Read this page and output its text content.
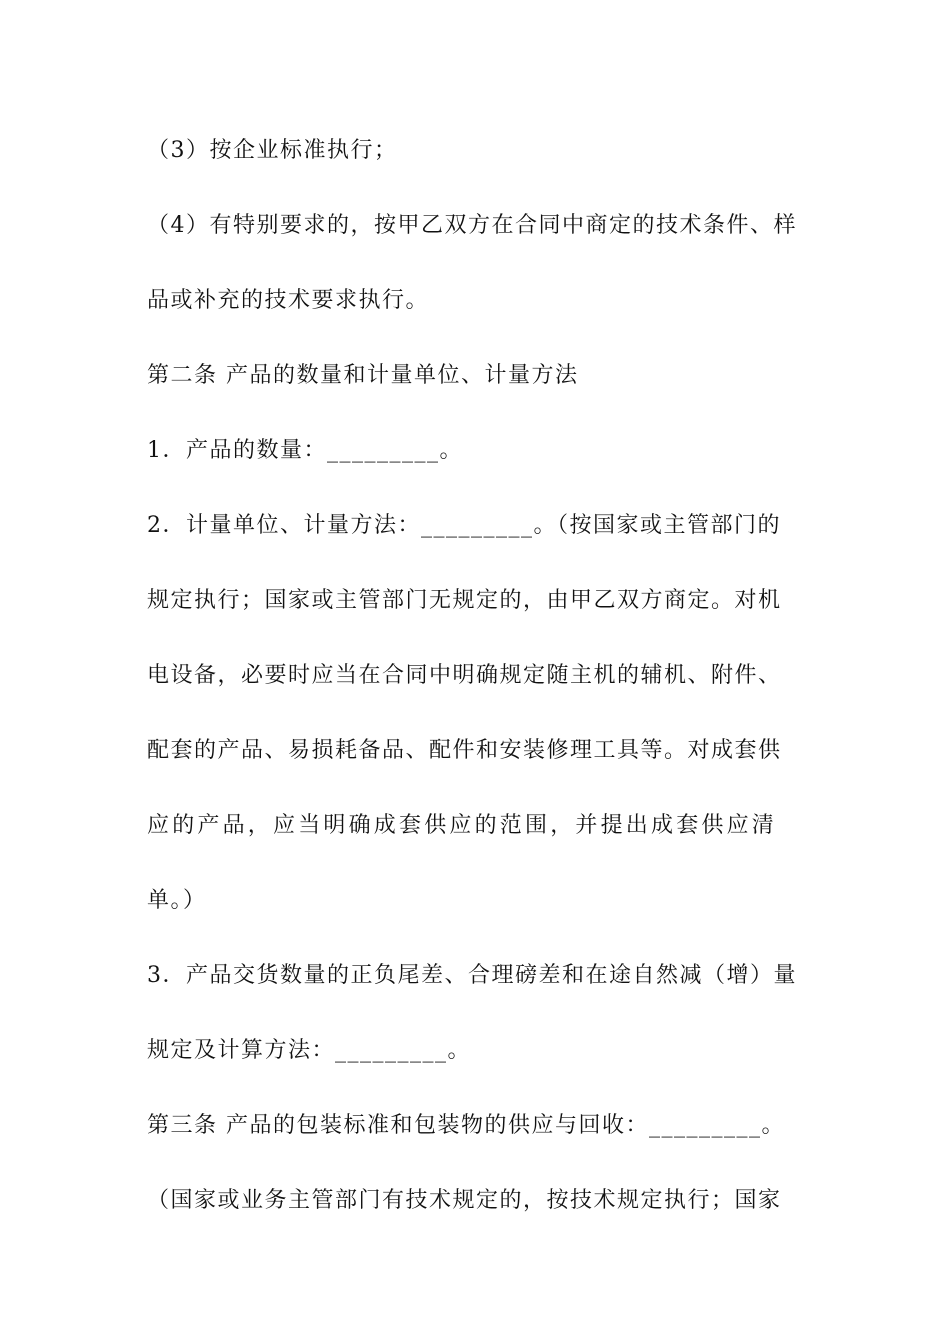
（3）按企业标准执行；
（4）有特别要求的，按甲乙双方在合同中商定的技术条件、样
品或补充的技术要求执行。
第二条 产品的数量和计量单位、计量方法
1．产品的数量：_________。
2．计量单位、计量方法：_________。（按国家或主管部门的
规定执行；国家或主管部门无规定的，由甲乙双方商定。对机
电设备，必要时应当在合同中明确规定随主机的辅机、附件、
配套的产品、易损耗备品、配件和安装修理工具等。对成套供
应的产品，应当明确成套供应的范围，并提出成套供应清
单。）
3．产品交货数量的正负尾差、合理磅差和在途自然减（增）量
规定及计算方法：_________。
第三条 产品的包装标准和包装物的供应与回收：_________。
（国家或业务主管部门有技术规定的，按技术规定执行；国家
